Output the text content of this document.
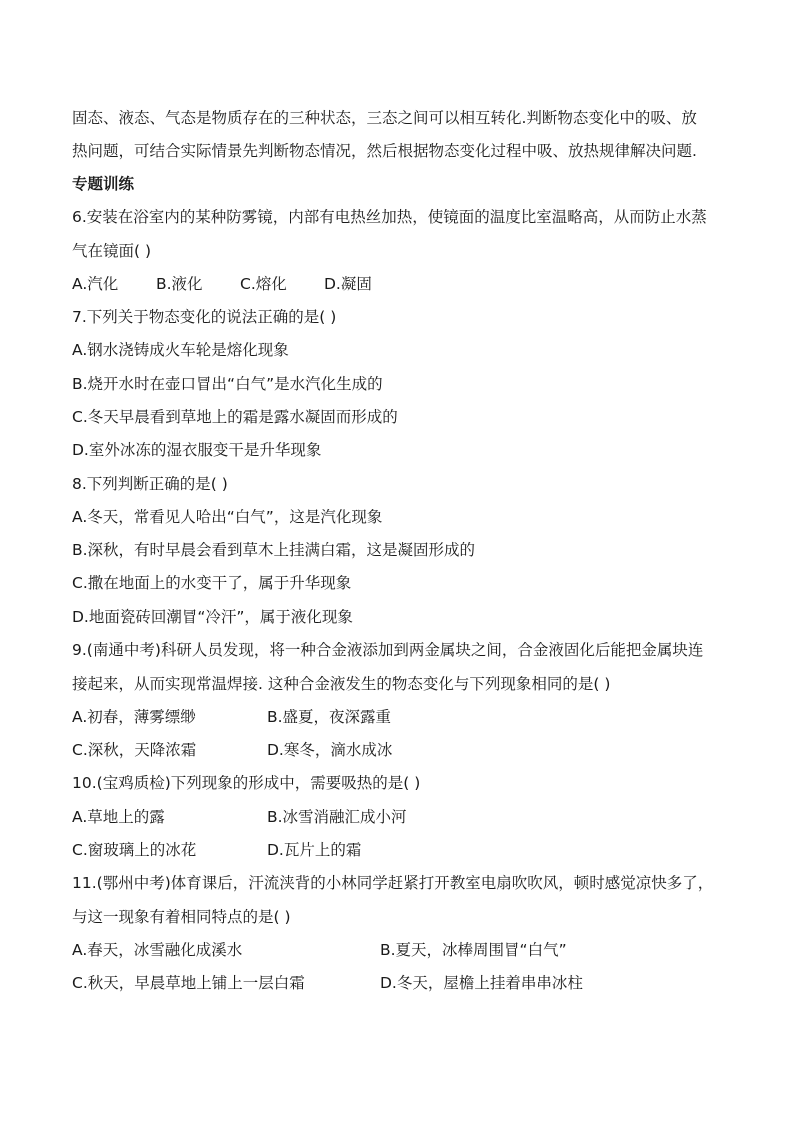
固态、液态、气态是物质存在的三种状态，三态之间可以相互转化.判断物态变化中的吸、放
热问题，可结合实际情景先判断物态情况，然后根据物态变化过程中吸、放热规律解决问题.
专题训练
6.安装在浴室内的某种防雾镜，内部有电热丝加热，使镜面的温度比室温略高，从而防止水蒸
气在镜面( )
A.汽化 B.液化 C.熔化 D.凝固
7.下列关于物态变化的说法正确的是( )
A.钢水浇铸成火车轮是熔化现象
B.烧开水时在壶口冒出“白气”是水汽化生成的
C.冬天早晨看到草地上的霜是露水凝固而形成的
D.室外冰冻的湿衣服变干是升华现象
8.下列判断正确的是( )
A.冬天，常看见人哈出“白气”，这是汽化现象
B.深秋，有时早晨会看到草木上挂满白霜，这是凝固形成的
C.撒在地面上的水变干了，属于升华现象
D.地面瓷砖回潮冒“冷汗”，属于液化现象
9.(南通中考)科研人员发现，将一种合金液添加到两金属块之间，合金液固化后能把金属块连
接起来，从而实现常温焊接. 这种合金液发生的物态变化与下列现象相同的是( )
A.初春，薄雾缥缈	B.盛夏，夜深露重
C.深秋，天降浓霜	D.寒冬，滴水成冰
10.(宝鸡质检)下列现象的形成中，需要吸热的是( )
A.草地上的露	B.冰雪消融汇成小河
C.窗玻璃上的冰花	D.瓦片上的霜
11.(鄂州中考)体育课后，汗流浃背的小林同学赶紧打开教室电扇吹吹风，顿时感觉凉快多了，
与这一现象有着相同特点的是( )
A.春天，冰雪融化成溪水	B.夏天，冰棒周围冒“白气”
C.秋天，早晨草地上铺上一层白霜	D.冬天，屋檐上挂着串串冰柱
